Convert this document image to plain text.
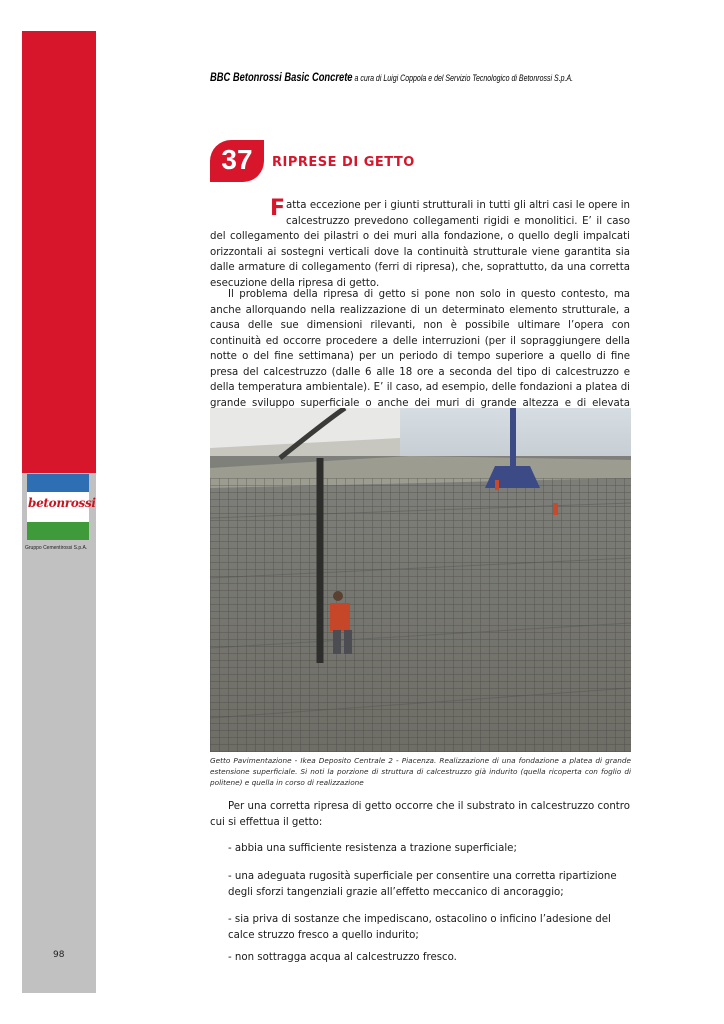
betonrossi
Gruppo Cementirossi S.p.A.
BBC Betonrossi Basic Concrete a cura di Luigi Coppola e del Servizio Tecnologico di Betonrossi S.p.A.
37	RIPRESE DI GETTO
Fatta eccezione per i giunti strutturali in tutti gli altri casi le opere in calcestruzzo prevedono collegamenti rigidi e monolitici. E’ il caso del collegamento dei pilastri o dei muri alla fondazione, o quello degli impalcati orizzontali ai sostegni verticali dove la continuità strutturale viene garantita sia dalle armature di collegamento (ferri di ripresa), che, soprattutto, da una corretta esecuzione della ripresa di getto.
Il problema della ripresa di getto si pone non solo in questo contesto, ma anche allorquando nella realizzazione di un determinato elemento strutturale, a causa delle sue dimensioni rilevanti, non è possibile ultimare l’opera con continuità ed occorre procedere a delle interruzioni (per il sopraggiungere della notte o del fine settimana) per un periodo di tempo superiore a quello di fine presa del calcestruzzo (dalle 6 alle 18 ore a seconda del tipo di calcestruzzo e della temperatura ambientale). E’ il caso, ad esempio, delle fondazioni a platea di grande sviluppo superficiale o anche dei muri di grande altezza e di elevata
Getto Pavimentazione - Ikea Deposito Centrale 2 - Piacenza. Realizzazione di una fondazione a platea di grande estensione superficiale. Si noti la porzione di struttura di calcestruzzo già indurito (quella ricoperta con foglio di politene) e quella in corso di realizzazione
Per una corretta ripresa di getto occorre che il substrato in calcestruzzo contro cui si effettua il getto:
- abbia una sufficiente resistenza a trazione superficiale;
- una adeguata rugosità superficiale per consentire una corretta ripartizione degli sforzi tangenziali grazie all’effetto meccanico di ancoraggio;
- sia priva di sostanze che impediscano, ostacolino o inficino l’adesione del calce struzzo fresco a quello indurito;
- non sottragga acqua al calcestruzzo fresco.
98
